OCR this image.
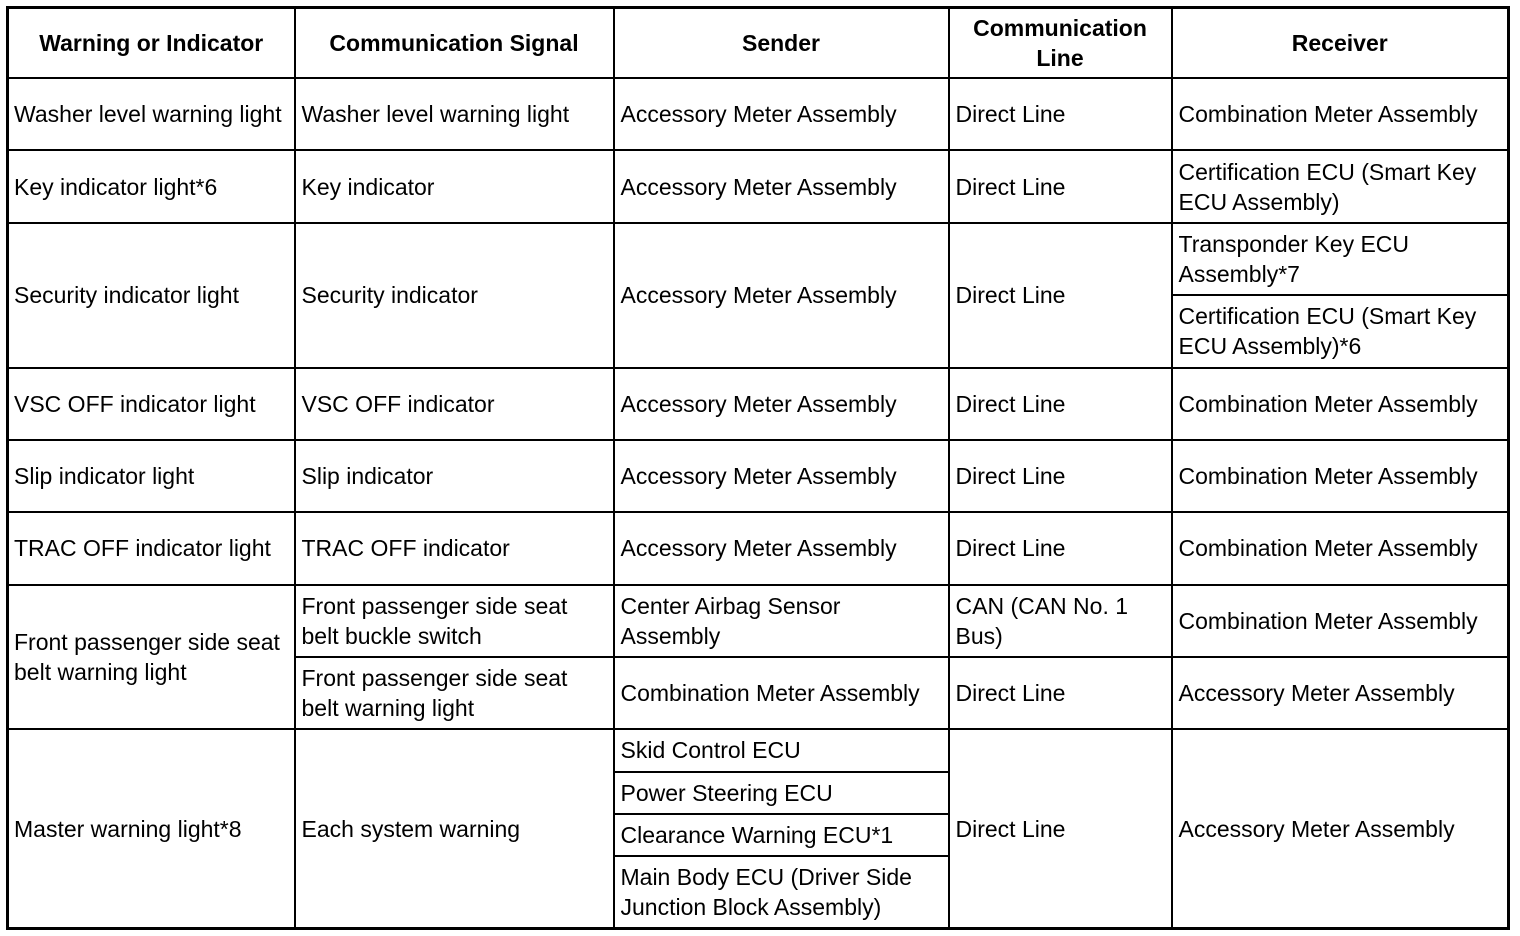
Warning or Indicator	Communication Signal	Sender	Communication Line	Receiver
Washer level warning light	Washer level warning light	Accessory Meter Assembly	Direct Line	Combination Meter Assembly
Key indicator light*6	Key indicator	Accessory Meter Assembly	Direct Line	Certification ECU (Smart Key ECU Assembly)
Security indicator light	Security indicator	Accessory Meter Assembly	Direct Line	Transponder Key ECU Assembly*7
				Certification ECU (Smart Key ECU Assembly)*6
VSC OFF indicator light	VSC OFF indicator	Accessory Meter Assembly	Direct Line	Combination Meter Assembly
Slip indicator light	Slip indicator	Accessory Meter Assembly	Direct Line	Combination Meter Assembly
TRAC OFF indicator light	TRAC OFF indicator	Accessory Meter Assembly	Direct Line	Combination Meter Assembly
Front passenger side seat belt warning light	Front passenger side seat belt buckle switch	Center Airbag Sensor Assembly	CAN (CAN No. 1 Bus)	Combination Meter Assembly
	Front passenger side seat belt warning light	Combination Meter Assembly	Direct Line	Accessory Meter Assembly
Master warning light*8	Each system warning	Skid Control ECU	Direct Line	Accessory Meter Assembly
		Power Steering ECU		
		Clearance Warning ECU*1		
		Main Body ECU (Driver Side Junction Block Assembly)		
